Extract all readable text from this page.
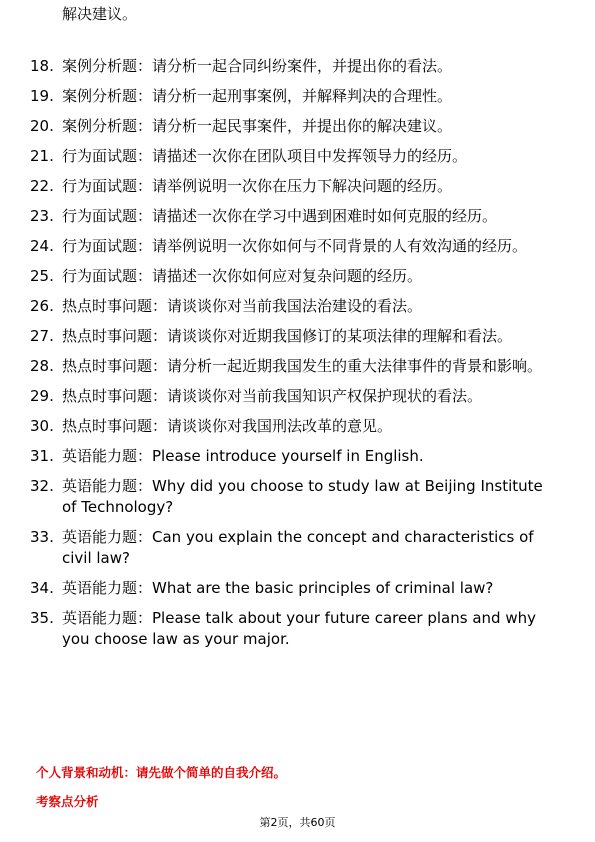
解决建议。
18. 案例分析题：请分析一起合同纠纷案件，并提出你的看法。
19. 案例分析题：请分析一起刑事案例，并解释判决的合理性。
20. 案例分析题：请分析一起民事案件，并提出你的解决建议。
21. 行为面试题：请描述一次你在团队项目中发挥领导力的经历。
22. 行为面试题：请举例说明一次你在压力下解决问题的经历。
23. 行为面试题：请描述一次你在学习中遇到困难时如何克服的经历。
24. 行为面试题：请举例说明一次你如何与不同背景的人有效沟通的经历。
25. 行为面试题：请描述一次你如何应对复杂问题的经历。
26. 热点时事问题：请谈谈你对当前我国法治建设的看法。
27. 热点时事问题：请谈谈你对近期我国修订的某项法律的理解和看法。
28. 热点时事问题：请分析一起近期我国发生的重大法律事件的背景和影响。
29. 热点时事问题：请谈谈你对当前我国知识产权保护现状的看法。
30. 热点时事问题：请谈谈你对我国刑法改革的意见。
31. 英语能力题：Please introduce yourself in English.
32. 英语能力题：Why did you choose to study law at Beijing Institute of Technology?
33. 英语能力题：Can you explain the concept and characteristics of civil law?
34. 英语能力题：What are the basic principles of criminal law?
35. 英语能力题：Please talk about your future career plans and why you choose law as your major.
个人背景和动机：请先做个简单的自我介绍。
考察点分析
第2页，共60页
